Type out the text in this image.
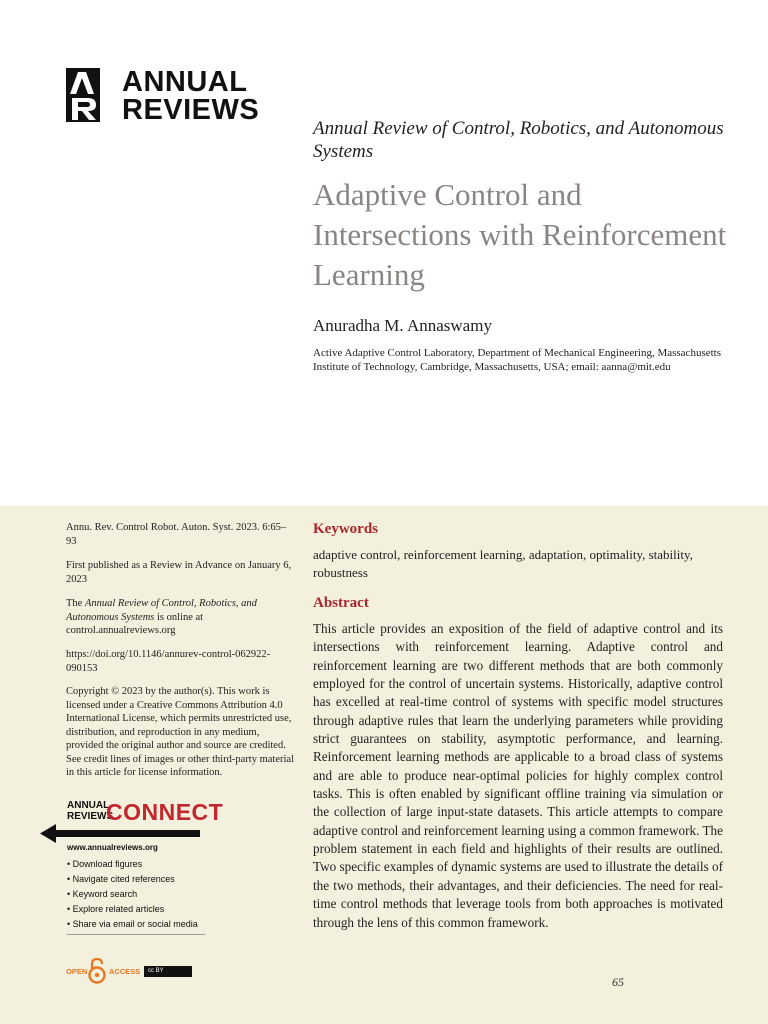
ANNUAL
REVIEWS
Annual Review of Control, Robotics, and Autonomous Systems
Adaptive Control and Intersections with Reinforcement Learning
Anuradha M. Annaswamy
Active Adaptive Control Laboratory, Department of Mechanical Engineering, Massachusetts Institute of Technology, Cambridge, Massachusetts, USA; email: aanna@mit.edu
Annu. Rev. Control Robot. Auton. Syst. 2023. 6:65–93
First published as a Review in Advance on January 6, 2023
The Annual Review of Control, Robotics, and Autonomous Systems is online at control.annualreviews.org
https://doi.org/10.1146/annurev-control-062922-090153
Copyright © 2023 by the author(s). This work is licensed under a Creative Commons Attribution 4.0 International License, which permits unrestricted use, distribution, and reproduction in any medium, provided the original author and source are credited. See credit lines of images or other third-party material in this article for license information.
ANNUAL
REVIEWS
CONNECT
www.annualreviews.org
• Download figures
• Navigate cited references
• Keyword search
• Explore related articles
• Share via email or social media
OPEN	ACCESS	cc BY
Keywords
adaptive control, reinforcement learning, adaptation, optimality, stability, robustness
Abstract
This article provides an exposition of the field of adaptive control and its intersections with reinforcement learning. Adaptive control and reinforcement learning are two different methods that are both commonly employed for the control of uncertain systems. Historically, adaptive control has excelled at real-time control of systems with specific model structures through adaptive rules that learn the underlying parameters while providing strict guarantees on stability, asymptotic performance, and learning. Reinforcement learning methods are applicable to a broad class of systems and are able to produce near-optimal policies for highly complex control tasks. This is often enabled by significant offline training via simulation or the collection of large input-state datasets. This article attempts to compare adaptive control and reinforcement learning using a common framework. The problem statement in each field and highlights of their results are outlined. Two specific examples of dynamic systems are used to illustrate the details of the two methods, their advantages, and their deficiencies. The need for real-time control methods that leverage tools from both approaches is motivated through the lens of this common framework.
65
